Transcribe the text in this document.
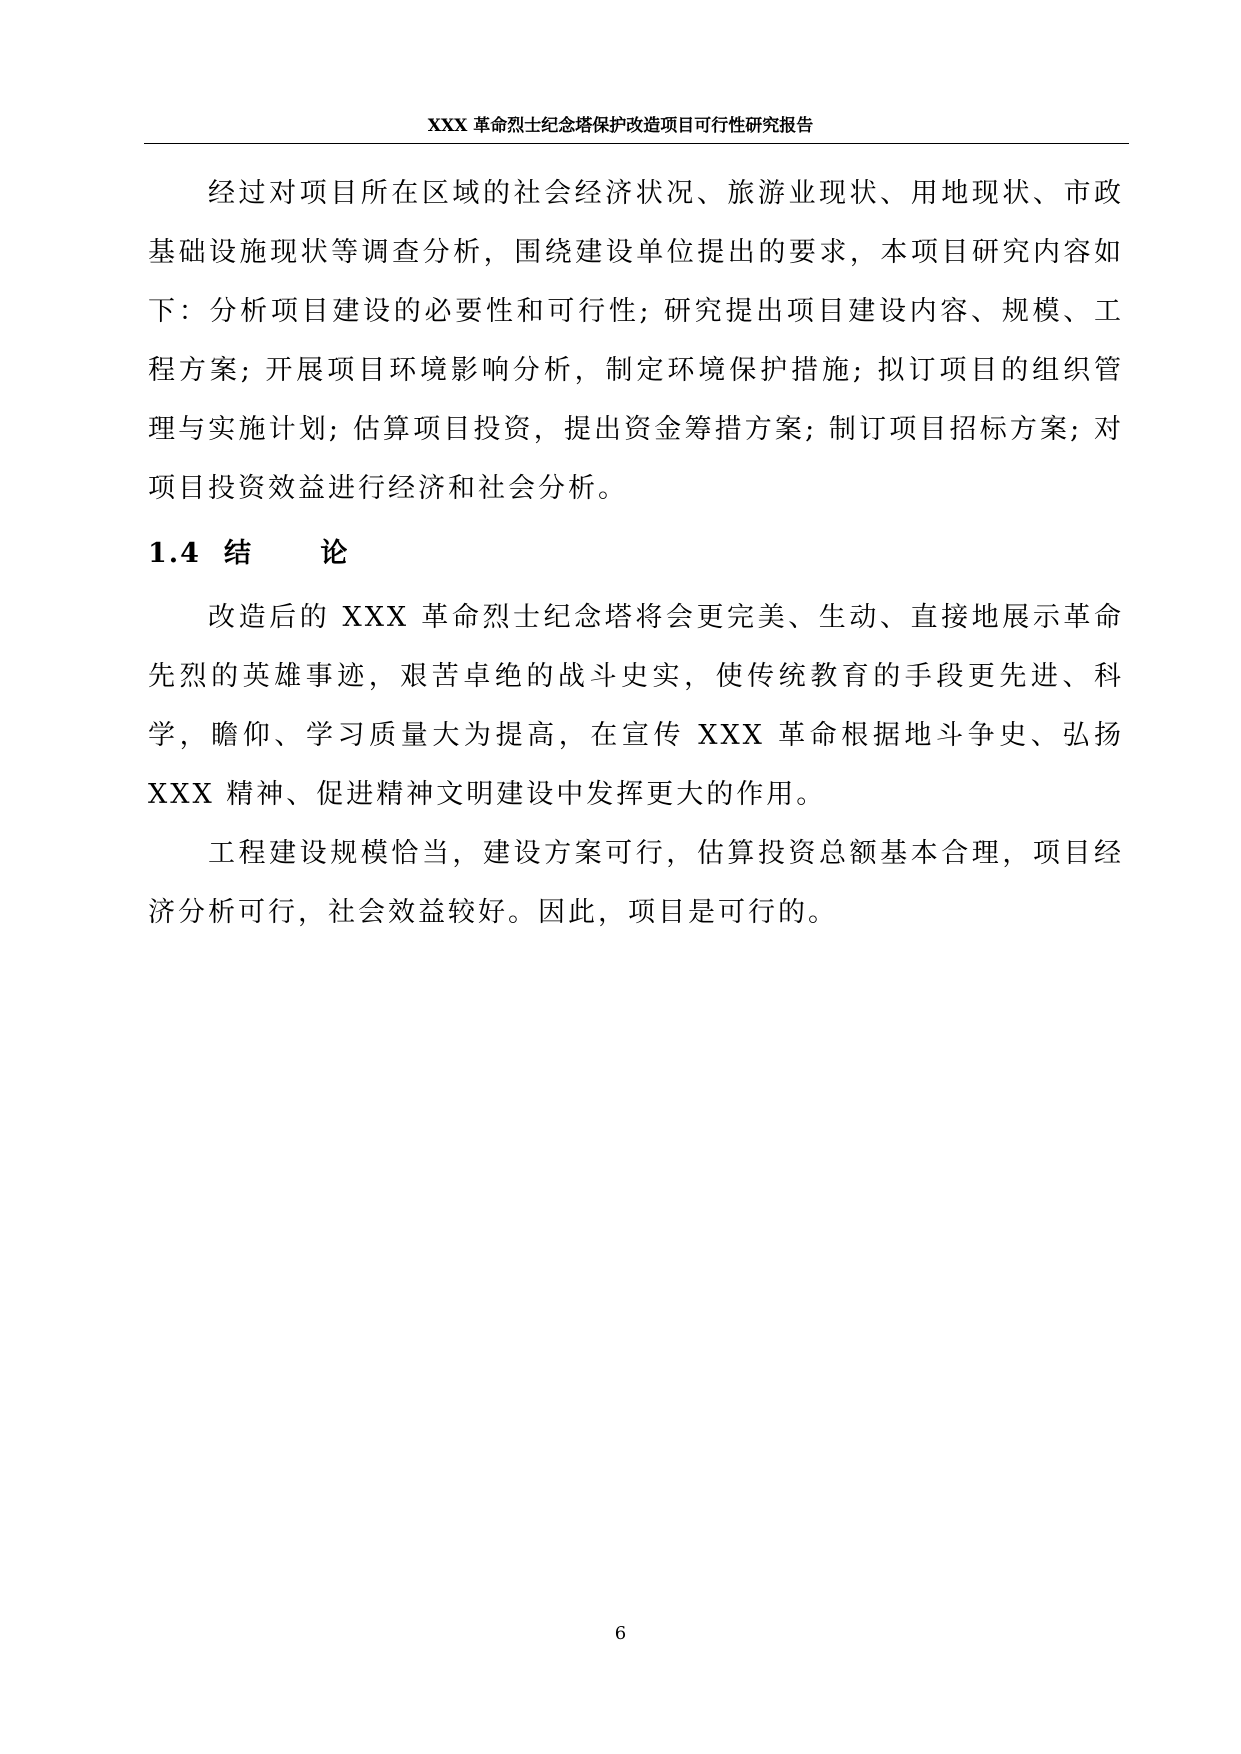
XXX 革命烈士纪念塔保护改造项目可行性研究报告

经过对项目所在区域的社会经济状况、旅游业现状、用地现状、市政基础设施现状等调查分析，围绕建设单位提出的要求，本项目研究内容如下：分析项目建设的必要性和可行性; 研究提出项目建设内容、规模、工程方案; 开展项目环境影响分析，制定环境保护措施; 拟订项目的组织管理与实施计划; 估算项目投资，提出资金筹措方案; 制订项目招标方案; 对项目投资效益进行经济和社会分析。

1.4 结 论

改造后的 XXX 革命烈士纪念塔将会更完美、生动、直接地展示革命先烈的英雄事迹，艰苦卓绝的战斗史实，使传统教育的手段更先进、科学，瞻仰、学习质量大为提高，在宣传 XXX 革命根据地斗争史、弘扬 XXX 精神、促进精神文明建设中发挥更大的作用。

工程建设规模恰当，建设方案可行，估算投资总额基本合理，项目经济分析可行，社会效益较好。因此，项目是可行的。

6
